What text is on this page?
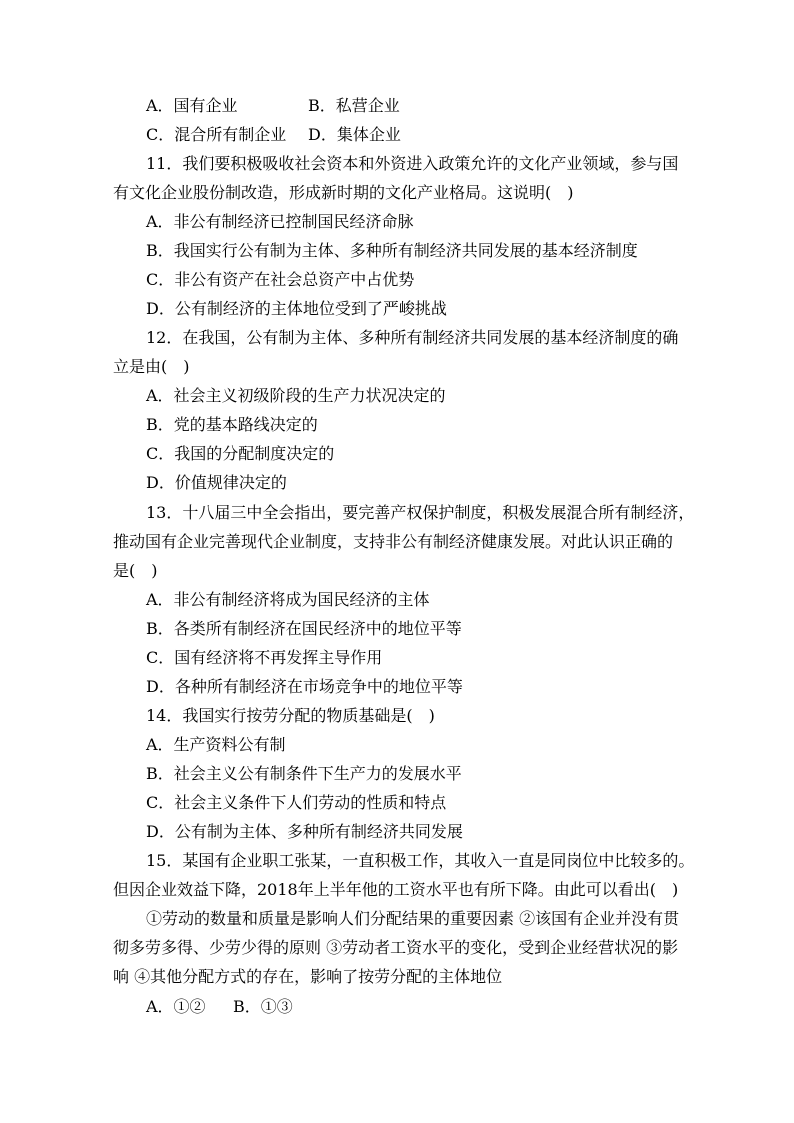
A．国有企业	B．私营企业
C．混合所有制企业 D．集体企业
11．我们要积极吸收社会资本和外资进入政策允许的文化产业领域，参与国
有文化企业股份制改造，形成新时期的文化产业格局。这说明(　)
A．非公有制经济已控制国民经济命脉
B．我国实行公有制为主体、多种所有制经济共同发展的基本经济制度
C．非公有资产在社会总资产中占优势
D．公有制经济的主体地位受到了严峻挑战
12．在我国，公有制为主体、多种所有制经济共同发展的基本经济制度的确
立是由(　)
A．社会主义初级阶段的生产力状况决定的
B．党的基本路线决定的
C．我国的分配制度决定的
D．价值规律决定的
13．十八届三中全会指出，要完善产权保护制度，积极发展混合所有制经济，
推动国有企业完善现代企业制度，支持非公有制经济健康发展。对此认识正确的
是(　)
A．非公有制经济将成为国民经济的主体
B．各类所有制经济在国民经济中的地位平等
C．国有经济将不再发挥主导作用
D．各种所有制经济在市场竞争中的地位平等
14．我国实行按劳分配的物质基础是(　)
A．生产资料公有制
B．社会主义公有制条件下生产力的发展水平
C．社会主义条件下人们劳动的性质和特点
D．公有制为主体、多种所有制经济共同发展
15．某国有企业职工张某，一直积极工作，其收入一直是同岗位中比较多的。
但因企业效益下降，2018年上半年他的工资水平也有所下降。由此可以看出(　)
①劳动的数量和质量是影响人们分配结果的重要因素 ②该国有企业并没有贯
彻多劳多得、少劳少得的原则 ③劳动者工资水平的变化，受到企业经营状况的影
响 ④其他分配方式的存在，影响了按劳分配的主体地位
A．①② B．①③
